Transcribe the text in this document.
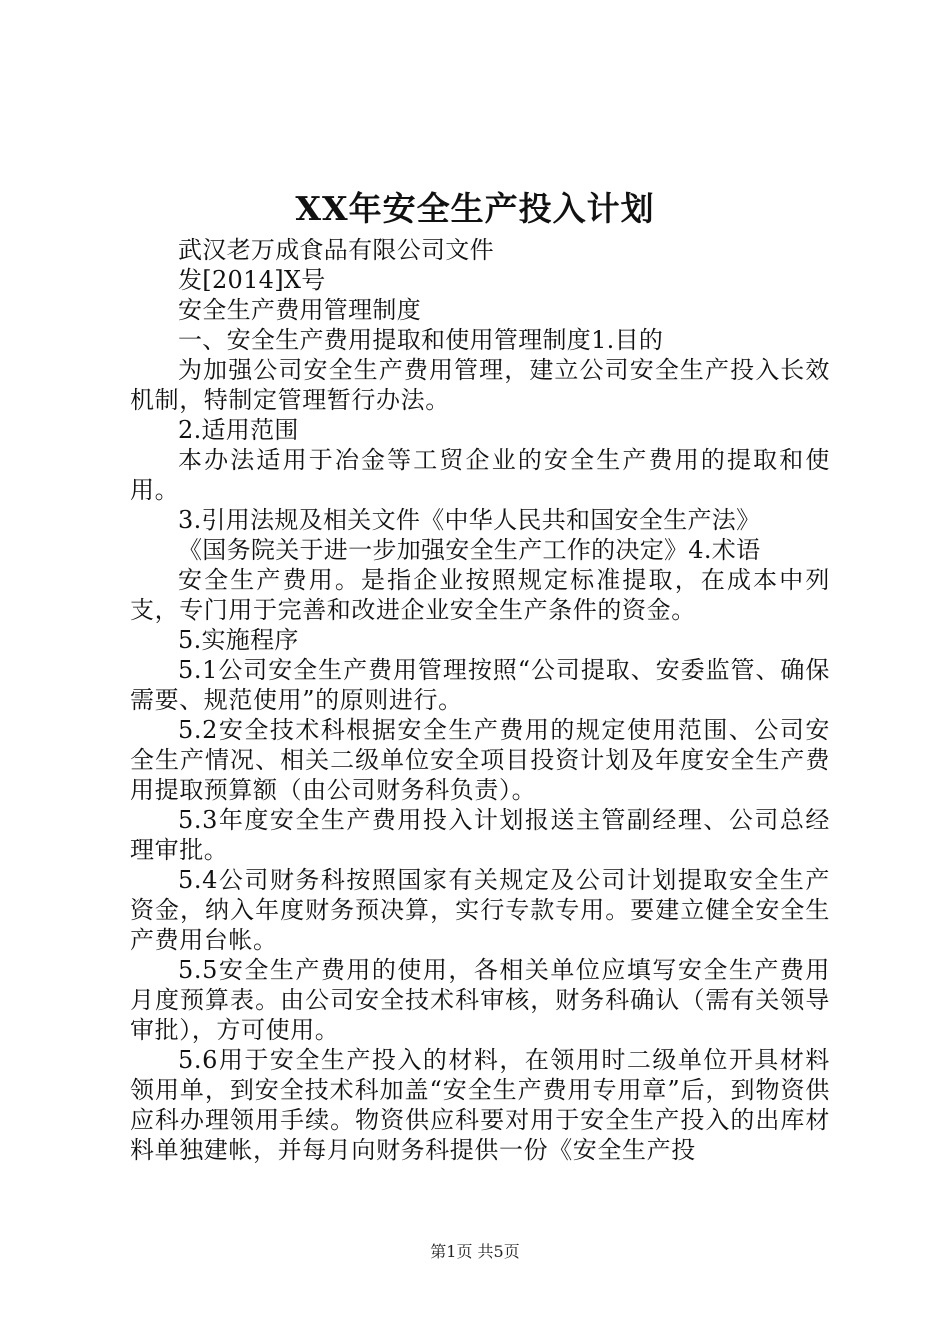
XX年安全生产投入计划
武汉老万成食品有限公司文件
发[2014]X号
安全生产费用管理制度
一、安全生产费用提取和使用管理制度1.目的

为加强公司安全生产费用管理，建立公司安全生产投入长效机制，特制定管理暂行办法。

2.适用范围

本办法适用于冶金等工贸企业的安全生产费用的提取和使用。

3.引用法规及相关文件《中华人民共和国安全生产法》
《国务院关于进一步加强安全生产工作的决定》4.术语

安全生产费用。是指企业按照规定标准提取，在成本中列支，专门用于完善和改进企业安全生产条件的资金。

5.实施程序

5.1公司安全生产费用管理按照“公司提取、安委监管、确保需要、规范使用”的原则进行。

5.2安全技术科根据安全生产费用的规定使用范围、公司安全生产情况、相关二级单位安全项目投资计划及年度安全生产费用提取预算额（由公司财务科负责）。

5.3年度安全生产费用投入计划报送主管副经理、公司总经理审批。

5.4公司财务科按照国家有关规定及公司计划提取安全生产资金，纳入年度财务预决算，实行专款专用。要建立健全安全生产费用台帐。

5.5安全生产费用的使用，各相关单位应填写安全生产费用月度预算表。由公司安全技术科审核，财务科确认（需有关领导审批），方可使用。

5.6用于安全生产投入的材料，在领用时二级单位开具材料领用单，到安全技术科加盖“安全生产费用专用章”后，到物资供应科办理领用手续。物资供应科要对用于安全生产投入的出库材料单独建帐，并每月向财务科提供一份《安全生产投

第1页 共5页
